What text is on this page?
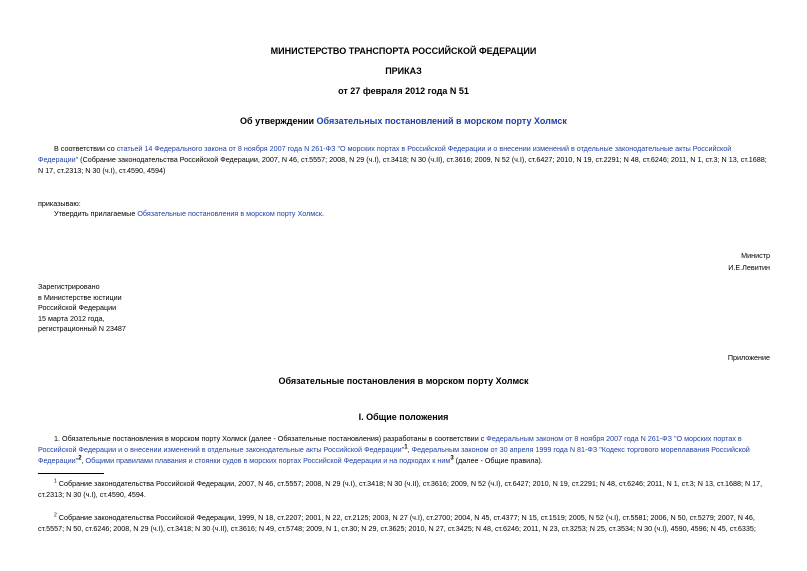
МИНИСТЕРСТВО ТРАНСПОРТА РОССИЙСКОЙ ФЕДЕРАЦИИ
ПРИКАЗ
от 27 февраля 2012 года N 51
Об утверждении Обязательных постановлений в морском порту Холмск
В соответствии со статьей 14 Федерального закона от 8 ноября 2007 года N 261-ФЗ "О морских портах в Российской Федерации и о внесении изменений в отдельные законодательные акты Российской Федерации" (Собрание законодательства Российской Федерации, 2007, N 46, ст.5557; 2008, N 29 (ч.I), ст.3418; N 30 (ч.II), ст.3616; 2009, N 52 (ч.I), ст.6427; 2010, N 19, ст.2291; N 48, ст.6246; 2011, N 1, ст.3; N 13, ст.1688; N 17, ст.2313; N 30 (ч.I), ст.4590, 4594)
приказываю:
Утвердить прилагаемые Обязательные постановления в морском порту Холмск.
Министр
И.Е.Левитин
Зарегистрировано
в Министерстве юстиции
Российской Федерации
15 марта 2012 года,
регистрационный N 23487
Приложение
Обязательные постановления в морском порту Холмск
I. Общие положения
1. Обязательные постановления в морском порту Холмск (далее - Обязательные постановления) разработаны в соответствии с Федеральным законом от 8 ноября 2007 года N 261-ФЗ "О морских портах в Российской Федерации и о внесении изменений в отдельные законодательные акты Российской Федерации"$^1$, Федеральным законом от 30 апреля 1999 года N 81-ФЗ "Кодекс торгового мореплавания Российской Федерации"$^2$, Общими правилами плавания и стоянки судов в морских портах Российской Федерации и на подходах к ним$^3$ (далее - Общие правила).
$^1$ Собрание законодательства Российской Федерации, 2007, N 46, ст.5557; 2008, N 29 (ч.I), ст.3418; N 30 (ч.II), ст.3616; 2009, N 52 (ч.I), ст.6427; 2010, N 19, ст.2291; N 48, ст.6246; 2011, N 1, ст.3; N 13, ст.1688; N 17, ст.2313; N 30 (ч.I), ст.4590, 4594.
$^2$ Собрание законодательства Российской Федерации, 1999, N 18, ст.2207; 2001, N 22, ст.2125; 2003, N 27 (ч.I), ст.2700; 2004, N 45, ст.4377; N 15, ст.1519; 2005, N 52 (ч.I), ст.5581; 2006, N 50, ст.5279; 2007, N 46, ст.5557; N 50, ст.6246; 2008, N 29 (ч.I), ст.3418; N 30 (ч.II), ст.3616; N 49, ст.5748; 2009, N 1, ст.30; N 29, ст.3625; 2010, N 27, ст.3425; N 48, ст.6246; 2011, N 23, ст.3253; N 25, ст.3534; N 30 (ч.I), 4590, 4596; N 45, ст.6335;
